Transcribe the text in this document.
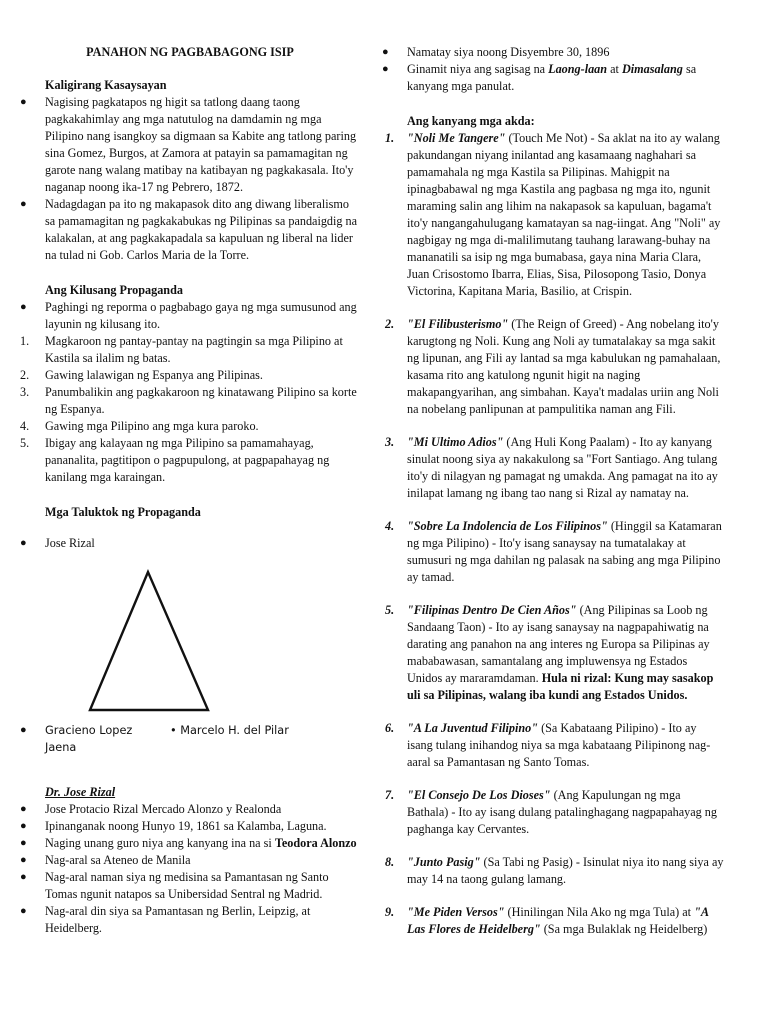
PANAHON NG PAGBABAGONG ISIP

Kaligirang Kasaysayan

●	Nagising pagkatapos ng higit sa tatlong daang taong pagkakahimlay ang mga natutulog na damdamin ng mga Pilipino nang isangkoy sa digmaan sa Kabite ang tatlong paring sina Gomez, Burgos, at Zamora at patayin sa pamamagitan ng garote nang walang matibay na katibayan ng pagkakasala. Ito'y naganap noong ika-17 ng Pebrero, 1872.
●	Nadagdagan pa ito ng makapasok dito ang diwang liberalismo sa pamamagitan ng pagkakabukas ng Pilipinas sa pandaigdig na kalakalan, at ang pagkakapadala sa kapuluan ng liberal na lider na tulad ni Gob. Carlos Maria de la Torre.

Ang Kilusang Propaganda

●	Paghingi ng reporma o pagbabago gaya ng mga sumusunod ang layunin ng kilusang ito.
1.	Magkaroon ng pantay-pantay na pagtingin sa mga Pilipino at Kastila sa ilalim ng batas.
2.	Gawing lalawigan ng Espanya ang Pilipinas.
3.	Panumbalikin ang pagkakaroon ng kinatawang Pilipino sa korte ng Espanya.
4.	Gawing mga Pilipino ang mga kura paroko.
5.	Ibigay ang kalayaan ng mga Pilipino sa pamamahayag, pananalita, pagtitipon o pagpupulong, at pagpapahayag ng kanilang mga karaingan.

Mga Taluktok ng Propaganda

●	Jose Rizal
●	Gracieno Lopez	• Marcelo H. del Pilar

Jaena

Dr. Jose Rizal

●	Jose Protacio Rizal Mercado Alonzo y Realonda
●	Ipinanganak noong Hunyo 19, 1861 sa Kalamba, Laguna.
●	Naging unang guro niya ang kanyang ina na si Teodora Alonzo
●	Nag-aral sa Ateneo de Manila
●	Nag-aral naman siya ng medisina sa Pamantasan ng Santo Tomas ngunit natapos sa Unibersidad Sentral ng Madrid.
●	Nag-aral din siya sa Pamantasan ng Berlin, Leipzig, at Heidelberg.
●	Namatay siya noong Disyembre 30, 1896
●	Ginamit niya ang sagisag na Laong-laan at Dimasalang sa kanyang mga panulat.

Ang kanyang mga akda:

1.	"Noli Me Tangere" (Touch Me Not) - Sa aklat na ito ay walang pakundangan niyang inilantad ang kasamaang naghahari sa pamamahala ng mga Kastila sa Pilipinas. Mahigpit na ipinagbabawal ng mga Kastila ang pagbasa ng mga ito, ngunit maraming salin ang lihim na nakapasok sa kapuluan, bagama't ito'y nangangahulugang kamatayan sa nag-iingat. Ang "Noli" ay nagbigay ng mga di-malilimutang tauhang larawang-buhay na mananatili sa isip ng mga bumabasa, gaya nina Maria Clara, Juan Crisostomo Ibarra, Elias, Sisa, Pilosopong Tasio, Donya Victorina, Kapitana Maria, Basilio, at Crispin.
2.	"El Filibusterismo" (The Reign of Greed) - Ang nobelang ito'y karugtong ng Noli. Kung ang Noli ay tumatalakay sa mga sakit ng lipunan, ang Fili ay lantad sa mga kabulukan ng pamahalaan, kasama rito ang katulong ngunit higit na naging makapangyarihan, ang simbahan. Kaya't madalas uriin ang Noli na nobelang panlipunan at pampulitika naman ang Fili.
3.	"Mi Ultimo Adios" (Ang Huli Kong Paalam) - Ito ay kanyang sinulat noong siya ay nakakulong sa "Fort Santiago. Ang tulang ito'y di nilagyan ng pamagat ng umakda. Ang pamagat na ito ay inilapat lamang ng ibang tao nang si Rizal ay namatay na.
4.	"Sobre La Indolencia de Los Filipinos" (Hinggil sa Katamaran ng mga Pilipino) - Ito'y isang sanaysay na tumatalakay at sumusuri ng mga dahilan ng palasak na sabing ang mga Pilipino ay tamad.
5.	"Filipinas Dentro De Cien Años" (Ang Pilipinas sa Loob ng Sandaang Taon) - Ito ay isang sanaysay na nagpapahiwatig na darating ang panahon na ang interes ng Europa sa Pilipinas ay mababawasan, samantalang ang impluwensya ng Estados Unidos ay mararamdaman. Hula ni rizal: Kung may sasakop uli sa Pilipinas, walang iba kundi ang Estados Unidos.
6.	"A La Juventud Filipino" (Sa Kabataang Pilipino) - Ito ay isang tulang inihandog niya sa mga kabataang Pilipinong nag-aaral sa Pamantasan ng Santo Tomas.
7.	"El Consejo De Los Dioses" (Ang Kapulungan ng mga Bathala) - Ito ay isang dulang patalinghagang nagpapahayag ng paghanga kay Cervantes.
8.	"Junto Pasig" (Sa Tabi ng Pasig) - Isinulat niya ito nang siya ay may 14 na taong gulang lamang.
9.	"Me Piden Versos" (Hinilingan Nila Ako ng mga Tula) at "A Las Flores de Heidelberg" (Sa mga Bulaklak ng Heidelberg)
